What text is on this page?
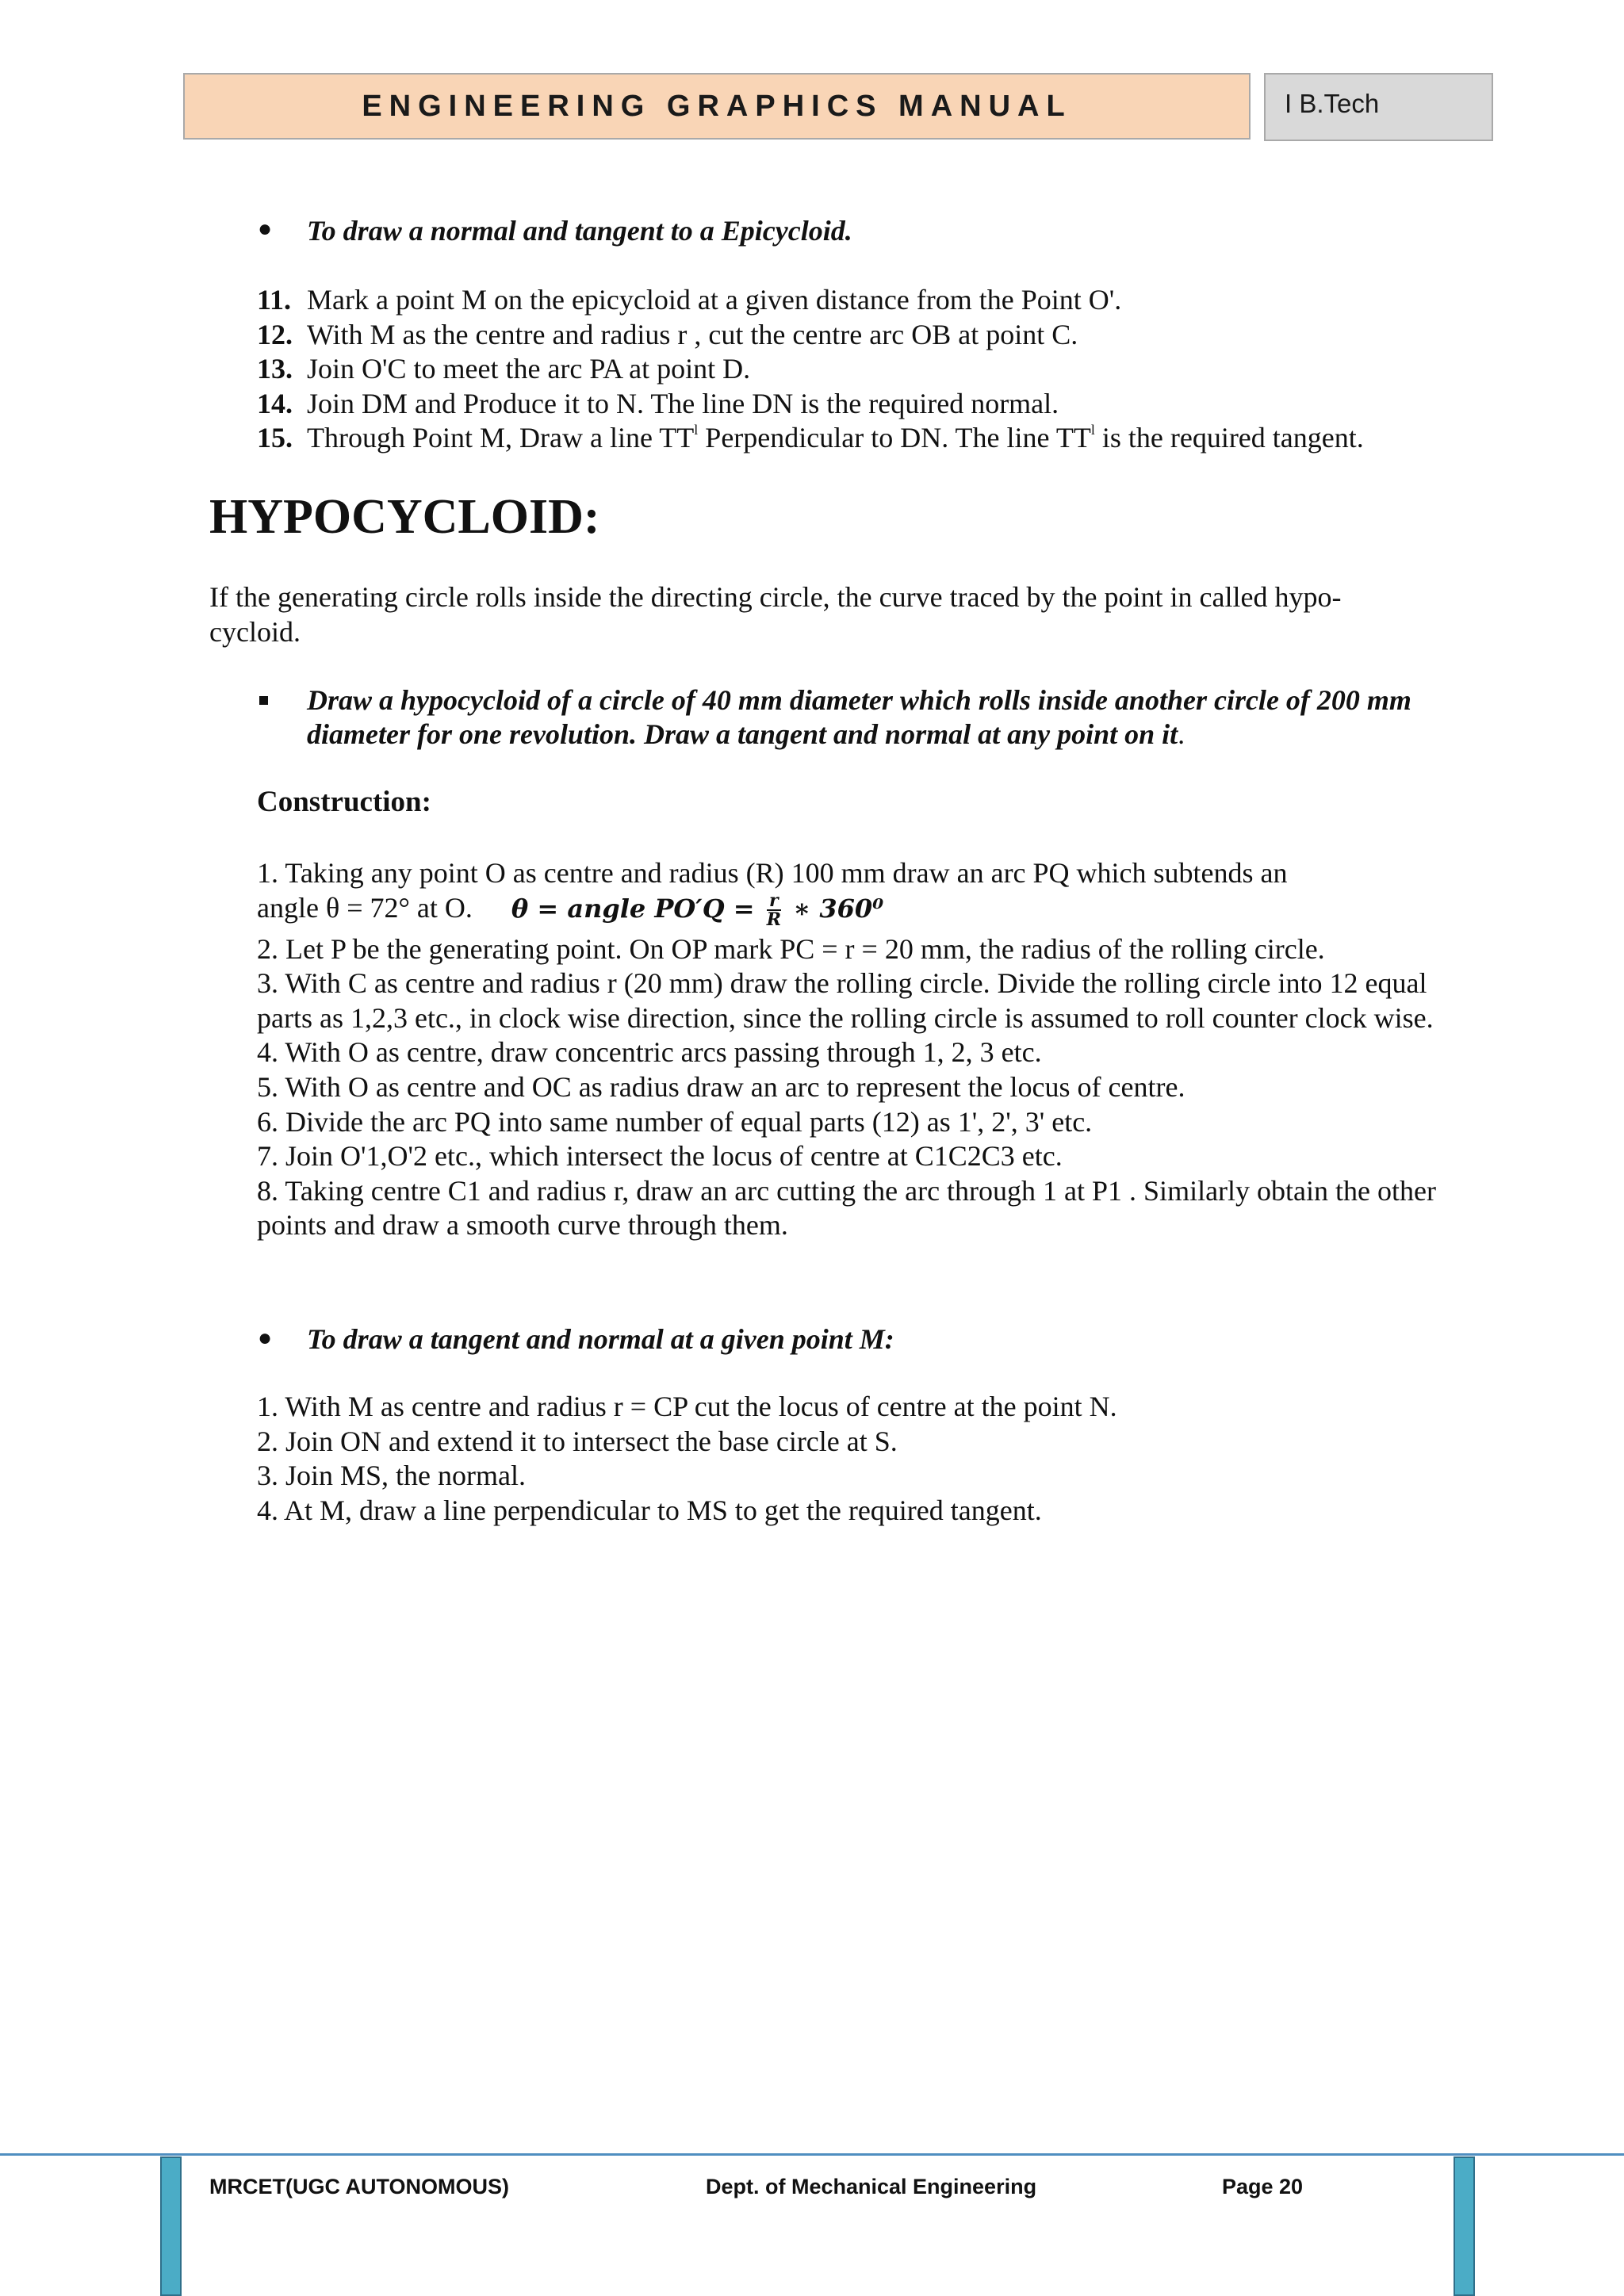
ENGINEERING GRAPHICS MANUAL	I B.Tech
● To draw a normal and tangent to a Epicycloid.
11. Mark a point M on the epicycloid at a given distance from the Point O'.
12. With M as the centre and radius r , cut the centre arc OB at point C.
13. Join O'C to meet the arc PA at point D.
14. Join DM and Produce it to N. The line DN is the required normal.
15. Through Point M, Draw a line $TT^l$ Perpendicular to DN. The line $TT^l$ is the required tangent.
HYPOCYCLOID:

If the generating circle rolls inside the directing circle, the curve traced by the point in called hypo-cycloid.

Draw a hypocycloid of a circle of 40 mm diameter which rolls inside another circle of 200 mm diameter for one revolution. Draw a tangent and normal at any point on it.

Construction:

1. Taking any point O as centre and radius (R) 100 mm draw an arc PQ which subtends an

angle θ = 72° at O. θ = angle $PO'Q = \frac{r}{R}$ ∗ 360⁰

2. Let P be the generating point. On OP mark PC = r = 20 mm, the radius of the rolling circle.

3. With C as centre and radius r (20 mm) draw the rolling circle. Divide the rolling circle into 12 equal parts as 1,2,3 etc., in clock wise direction, since the rolling circle is assumed to roll counter clock wise.

4. With O as centre, draw concentric arcs passing through 1, 2, 3 etc.

5. With O as centre and OC as radius draw an arc to represent the locus of centre.

6. Divide the arc PQ into same number of equal parts (12) as 1', 2', 3' etc.

7. Join O'1,O'2 etc., which intersect the locus of centre at C1C2C3 etc.

8. Taking centre C1 and radius r, draw an arc cutting the arc through 1 at P1 . Similarly obtain the other points and draw a smooth curve through them.

● To draw a tangent and normal at a given point M:

1. With M as centre and radius r = CP cut the locus of centre at the point N.

2. Join ON and extend it to intersect the base circle at S.

3. Join MS, the normal.

4. At M, draw a line perpendicular to MS to get the required tangent.

MRCET(UGC AUTONOMOUS)	Dept. of Mechanical Engineering	Page 20
